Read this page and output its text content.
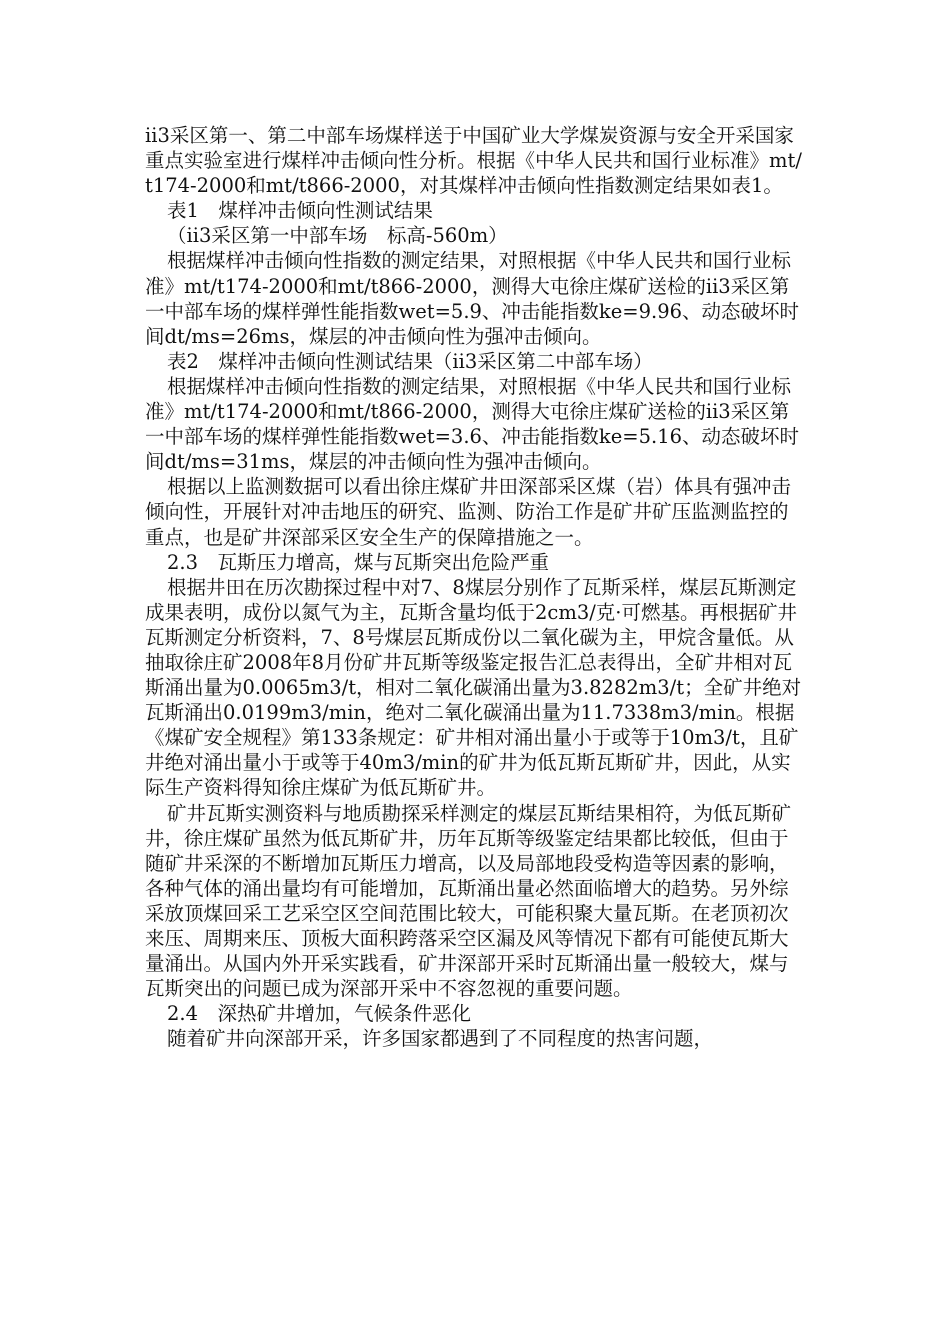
ⅱ3采区第一、第二中部车场煤样送于中国矿业大学煤炭资源与安全开采国家重点实验室进行煤样冲击倾向性分析。根据《中华人民共和国行业标准》mt/t174-2000和mt/t866-2000，对其煤样冲击倾向性指数测定结果如表1。

表1　煤样冲击倾向性测试结果

（ⅱ3采区第一中部车场　标高-560m）

根据煤样冲击倾向性指数的测定结果，对照根据《中华人民共和国行业标准》mt/t174-2000和mt/t866-2000，测得大屯徐庄煤矿送检的ⅱ3采区第一中部车场的煤样弹性能指数wet=5.9、冲击能指数ke=9.96、动态破坏时间dt/ms=26ms，煤层的冲击倾向性为强冲击倾向。

表2　煤样冲击倾向性测试结果（ⅱ3采区第二中部车场）

根据煤样冲击倾向性指数的测定结果，对照根据《中华人民共和国行业标准》mt/t174-2000和mt/t866-2000，测得大屯徐庄煤矿送检的ⅱ3采区第一中部车场的煤样弹性能指数wet=3.6、冲击能指数ke=5.16、动态破坏时间dt/ms=31ms，煤层的冲击倾向性为强冲击倾向。

根据以上监测数据可以看出徐庄煤矿井田深部采区煤（岩）体具有强冲击倾向性，开展针对冲击地压的研究、监测、防治工作是矿井矿压监测监控的重点，也是矿井深部采区安全生产的保障措施之一。

2.3　瓦斯压力增高，煤与瓦斯突出危险严重

根据井田在历次勘探过程中对7、8煤层分别作了瓦斯采样，煤层瓦斯测定成果表明，成份以氮气为主，瓦斯含量均低于2cm3/克·可燃基。再根据矿井瓦斯测定分析资料，7、8号煤层瓦斯成份以二氧化碳为主，甲烷含量低。从抽取徐庄矿2008年8月份矿井瓦斯等级鉴定报告汇总表得出，全矿井相对瓦斯涌出量为0.0065m3/t，相对二氧化碳涌出量为3.8282m3/t；全矿井绝对瓦斯涌出0.0199m3/min，绝对二氧化碳涌出量为11.7338m3/min。根据《煤矿安全规程》第133条规定：矿井相对涌出量小于或等于10m3/t，且矿井绝对涌出量小于或等于40m3/min的矿井为低瓦斯瓦斯矿井，因此，从实际生产资料得知徐庄煤矿为低瓦斯矿井。

矿井瓦斯实测资料与地质勘探采样测定的煤层瓦斯结果相符，为低瓦斯矿井，徐庄煤矿虽然为低瓦斯矿井，历年瓦斯等级鉴定结果都比较低，但由于随矿井采深的不断增加瓦斯压力增高，以及局部地段受构造等因素的影响，各种气体的涌出量均有可能增加，瓦斯涌出量必然面临增大的趋势。另外综采放顶煤回采工艺采空区空间范围比较大，可能积聚大量瓦斯。在老顶初次来压、周期来压、顶板大面积跨落采空区漏及风等情况下都有可能使瓦斯大量涌出。从国内外开采实践看，矿井深部开采时瓦斯涌出量一般较大，煤与瓦斯突出的问题已成为深部开采中不容忽视的重要问题。

2.4　深热矿井增加，气候条件恶化

随着矿井向深部开采，许多国家都遇到了不同程度的热害问题，
